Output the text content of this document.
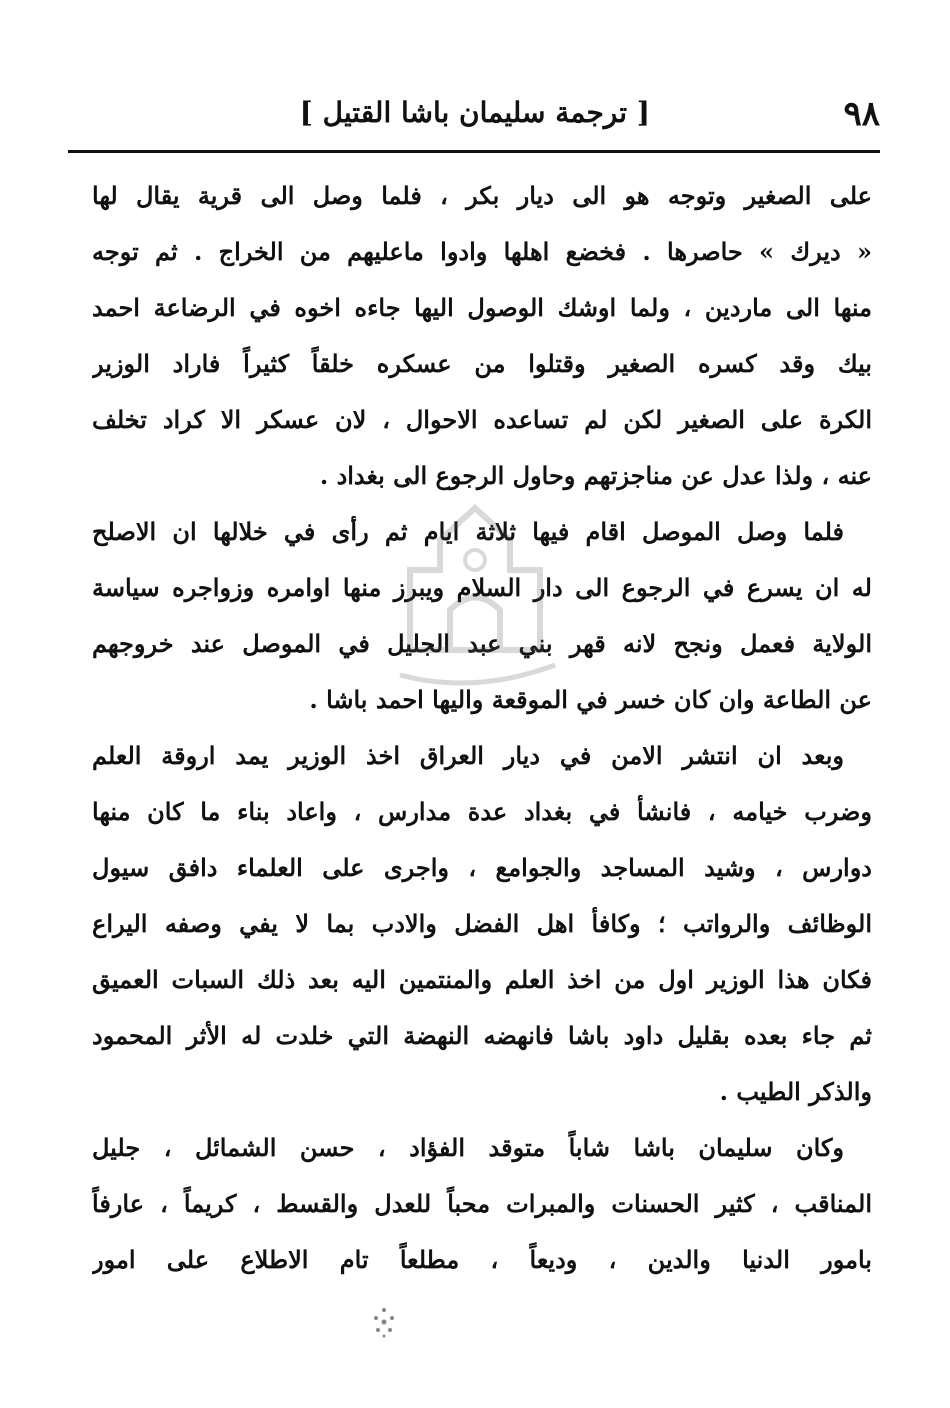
٩٨
[ ترجمة سليمان باشا القتيل ]
على الصغير وتوجه هو الى ديار بكر ، فلما وصل الى قرية يقال لها
« ديرك » حاصرها . فخضع اهلها وادوا ماعليهم من الخراج . ثم توجه
منها الى ماردين ، ولما اوشك الوصول اليها جاءه اخوه في الرضاعة احمد
بيك وقد كسره الصغير وقتلوا من عسكره خلقاً كثيراً فاراد الوزير
الكرة على الصغير لكن لم تساعده الاحوال ، لان عسكر الا كراد تخلف
عنه ، ولذا عدل عن مناجزتهم وحاول الرجوع الى بغداد .
فلما وصل الموصل اقام فيها ثلاثة ايام ثم رأى في خلالها ان الاصلح
له ان يسرع في الرجوع الى دار السلام ويبرز منها اوامره وزواجره سياسة
الولاية فعمل ونجح لانه قهر بني عبد الجليل في الموصل عند خروجهم
عن الطاعة وان كان خسر في الموقعة واليها احمد باشا .
وبعد ان انتشر الامن في ديار العراق اخذ الوزير يمد اروقة العلم
وضرب خيامه ، فانشأ في بغداد عدة مدارس ، واعاد بناء ما كان منها
دوارس ، وشيد المساجد والجوامع ، واجرى على العلماء دافق سيول
الوظائف والرواتب ؛ وكافأ اهل الفضل والادب بما لا يفي وصفه اليراع
فكان هذا الوزير اول من اخذ العلم والمنتمين اليه بعد ذلك السبات العميق
ثم جاء بعده بقليل داود باشا فانهضه النهضة التي خلدت له الأثر المحمود
والذكر الطيب .
وكان سليمان باشا شاباً متوقد الفؤاد ، حسن الشمائل ، جليل
المناقب ، كثير الحسنات والمبرات محباً للعدل والقسط ، كريماً ، عارفاً
بامور الدنيا والدين ، وديعاً ، مطلعاً تام الاطلاع على امور
